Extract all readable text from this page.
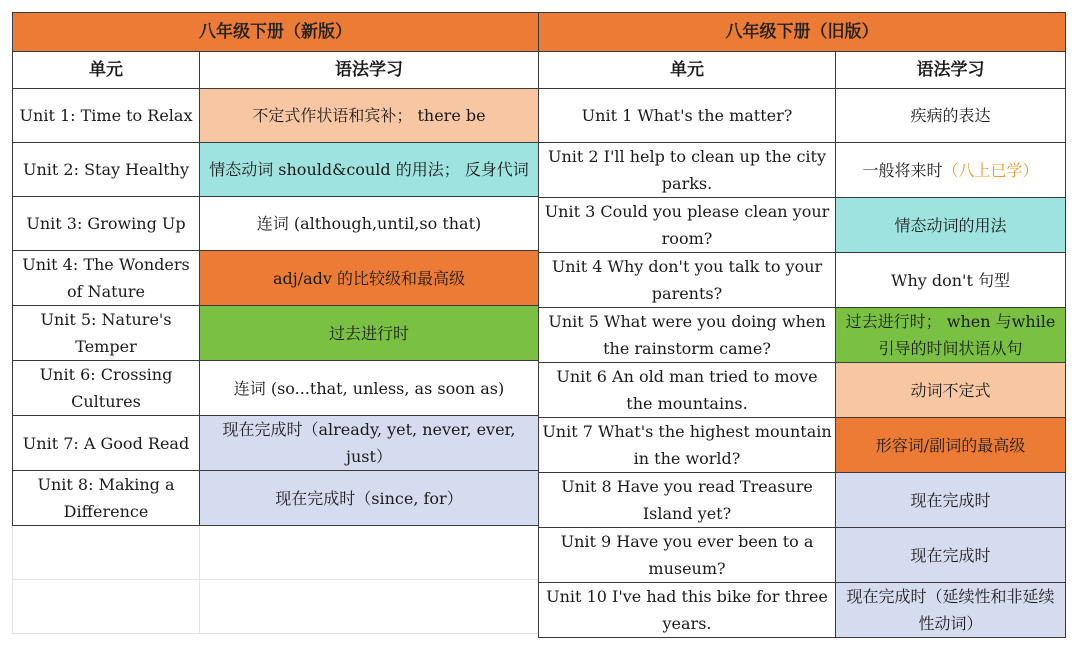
八年级下册（新版）	
单元	语法学习
Unit 1: Time to Relax	不定式作状语和宾补； there be
Unit 2: Stay Healthy	情态动词 should&could 的用法； 反身代词
Unit 3: Growing Up	连词 (although,until,so that)
Unit 4: The Wonders of Nature	adj/adv 的比较级和最高级
Unit 5: Nature's Temper	过去进行时
Unit 6: Crossing Cultures	连词 (so...that, unless, as soon as)
Unit 7: A Good Read	现在完成时（already, yet, never, ever, just）
Unit 8: Making a Difference	现在完成时（since, for）

八年级下册（旧版）	
单元	语法学习
Unit 1 What's the matter?	疾病的表达
Unit 2 I'll help to clean up the city parks.	一般将来时（八上已学）
Unit 3 Could you please clean your room?	情态动词的用法
Unit 4 Why don't you talk to your parents?	Why don't 句型
Unit 5 What were you doing when the rainstorm came?	过去进行时； when 与while 引导的时间状语从句
Unit 6 An old man tried to move the mountains.	动词不定式
Unit 7 What's the highest mountain in the world?	形容词/副词的最高级
Unit 8 Have you read Treasure Island yet?	现在完成时
Unit 9 Have you ever been to a museum?	现在完成时
Unit 10 I've had this bike for three years.	现在完成时（延续性和非延续性动词）
